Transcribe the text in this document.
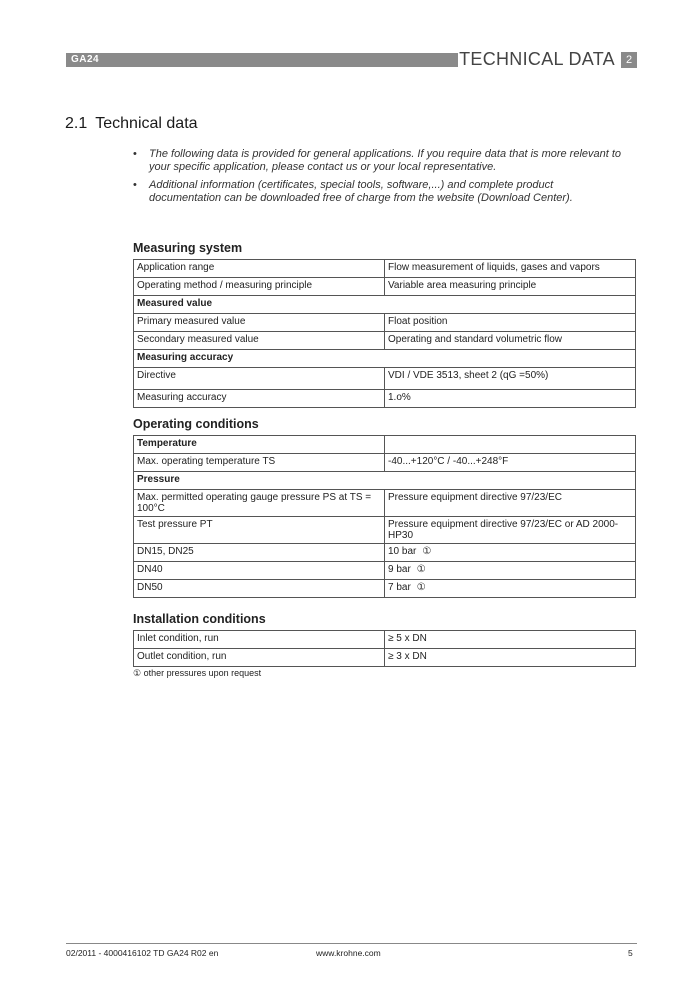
GA24	TECHNICAL DATA 2
2.1 Technical data
• The following data is provided for general applications. If you require data that is more relevant to your specific application, please contact us or your local representative.
• Additional information (certificates, special tools, software,...) and complete product documentation can be downloaded free of charge from the website (Download Center).
Measuring system
Application range	Flow measurement of liquids, gases and vapors
Operating method / measuring principle	Variable area measuring principle
Measured value	
Primary measured value	Float position
Secondary measured value	Operating and standard volumetric flow
Measuring accuracy	
Directive	VDI / VDE 3513, sheet 2 (qG =50%)
Measuring accuracy	1.o%
Operating conditions
Temperature	
Max. operating temperature TS	-40...+120°C / -40...+248°F
Pressure	
Max. permitted operating gauge pressure PS at TS = 100°C	Pressure equipment directive 97/23/EC
Test pressure PT	Pressure equipment directive 97/23/EC or AD 2000-HP30
DN15, DN25	10 bar ①
DN40	9 bar ①
DN50	7 bar ①
Installation conditions
Inlet condition, run	≥ 5 x DN
Outlet condition, run	≥ 3 x DN
① other pressures upon request
02/2011 - 4000416102 TD GA24 R02 en	www.krohne.com	5
